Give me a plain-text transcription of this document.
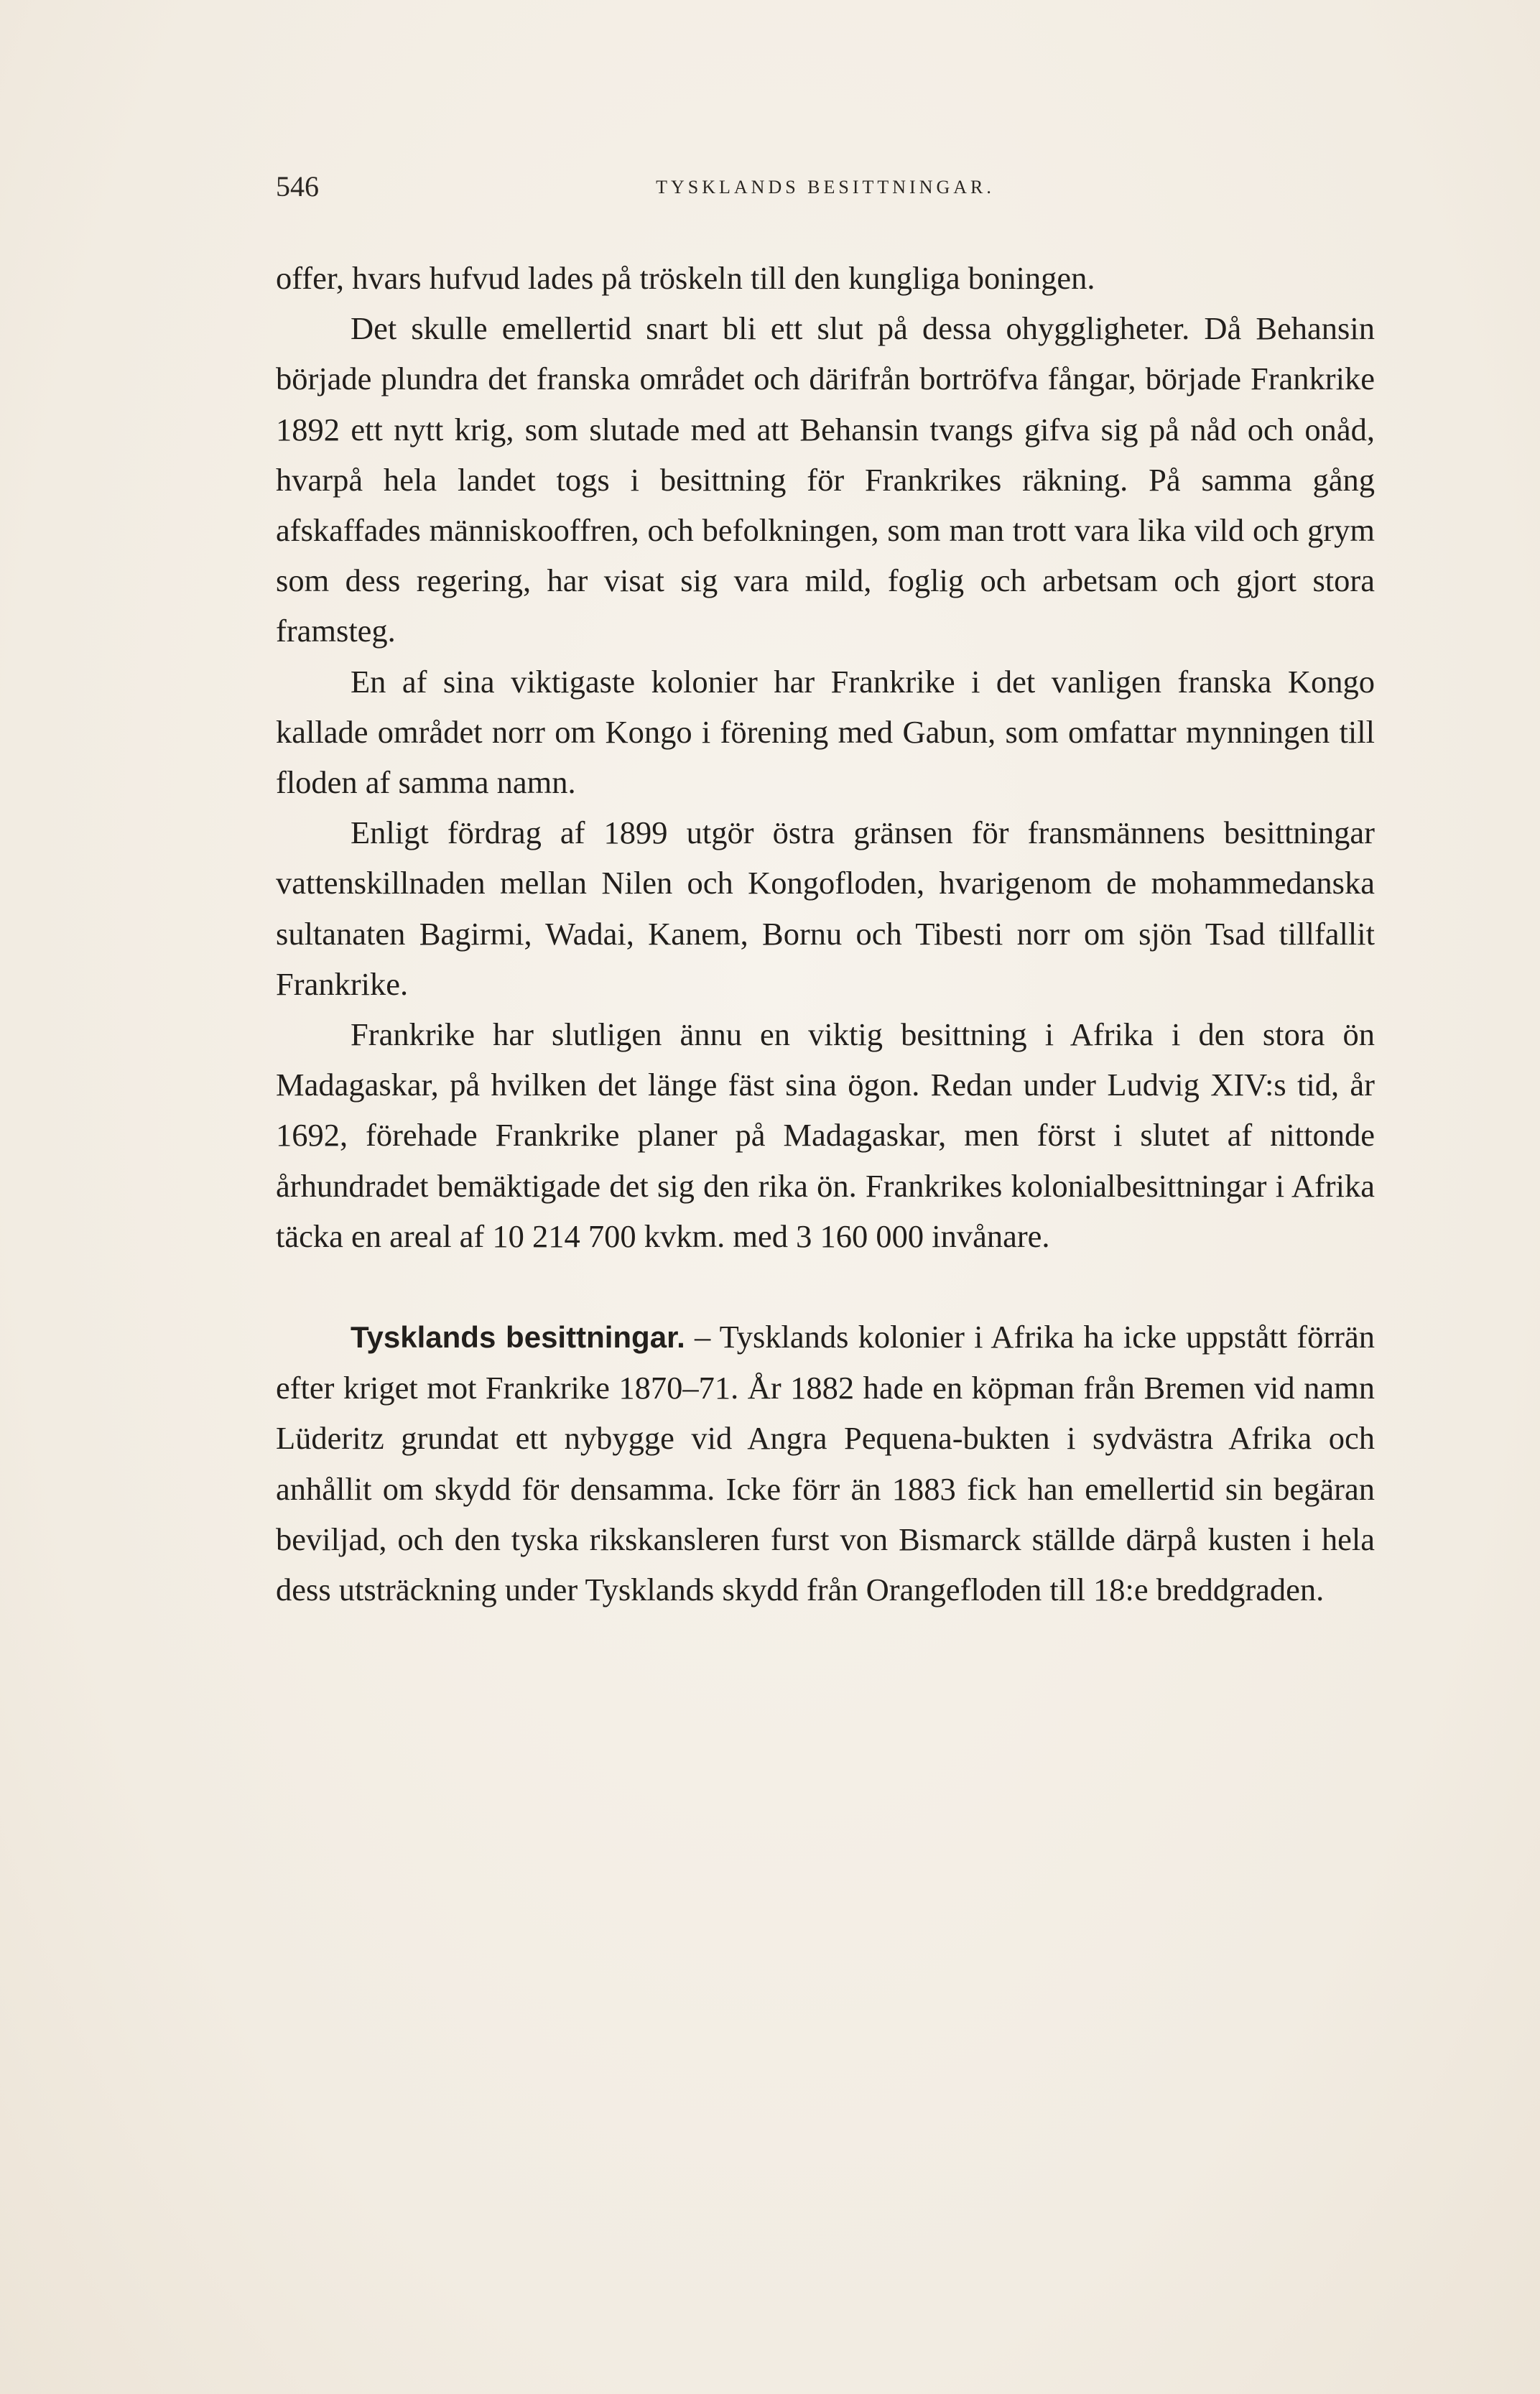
546	TYSKLANDS BESITTNINGAR.

offer, hvars hufvud lades på tröskeln till den kungliga boningen.

Det skulle emellertid snart bli ett slut på dessa ohyggligheter. Då Behansin började plundra det franska området och därifrån bortröfva fångar, började Frankrike 1892 ett nytt krig, som slutade med att Behansin tvangs gifva sig på nåd och onåd, hvarpå hela landet togs i besittning för Frankrikes räkning. På samma gång afskaffades människooffren, och befolkningen, som man trott vara lika vild och grym som dess regering, har visat sig vara mild, foglig och arbetsam och gjort stora framsteg.

En af sina viktigaste kolonier har Frankrike i det vanligen franska Kongo kallade området norr om Kongo i förening med Gabun, som omfattar mynningen till floden af samma namn.

Enligt fördrag af 1899 utgör östra gränsen för fransmännens besittningar vattenskillnaden mellan Nilen och Kongofloden, hvarigenom de mohammedanska sultanaten Bagirmi, Wadai, Kanem, Bornu och Tibesti norr om sjön Tsad tillfallit Frankrike.

Frankrike har slutligen ännu en viktig besittning i Afrika i den stora ön Madagaskar, på hvilken det länge fäst sina ögon. Redan under Ludvig XIV:s tid, år 1692, förehade Frankrike planer på Madagaskar, men först i slutet af nittonde århundradet bemäktigade det sig den rika ön. Frankrikes kolonialbesittningar i Afrika täcka en areal af 10 214 700 kvkm. med 3 160 000 invånare.

Tysklands besittningar. – Tysklands kolonier i Afrika ha icke uppstått förrän efter kriget mot Frankrike 1870–71. År 1882 hade en köpman från Bremen vid namn Lüderitz grundat ett nybygge vid Angra Pequena-bukten i sydvästra Afrika och anhållit om skydd för densamma. Icke förr än 1883 fick han emellertid sin begäran beviljad, och den tyska rikskansleren furst von Bismarck ställde därpå kusten i hela dess utsträckning under Tysklands skydd från Orangefloden till 18:e breddgraden.
